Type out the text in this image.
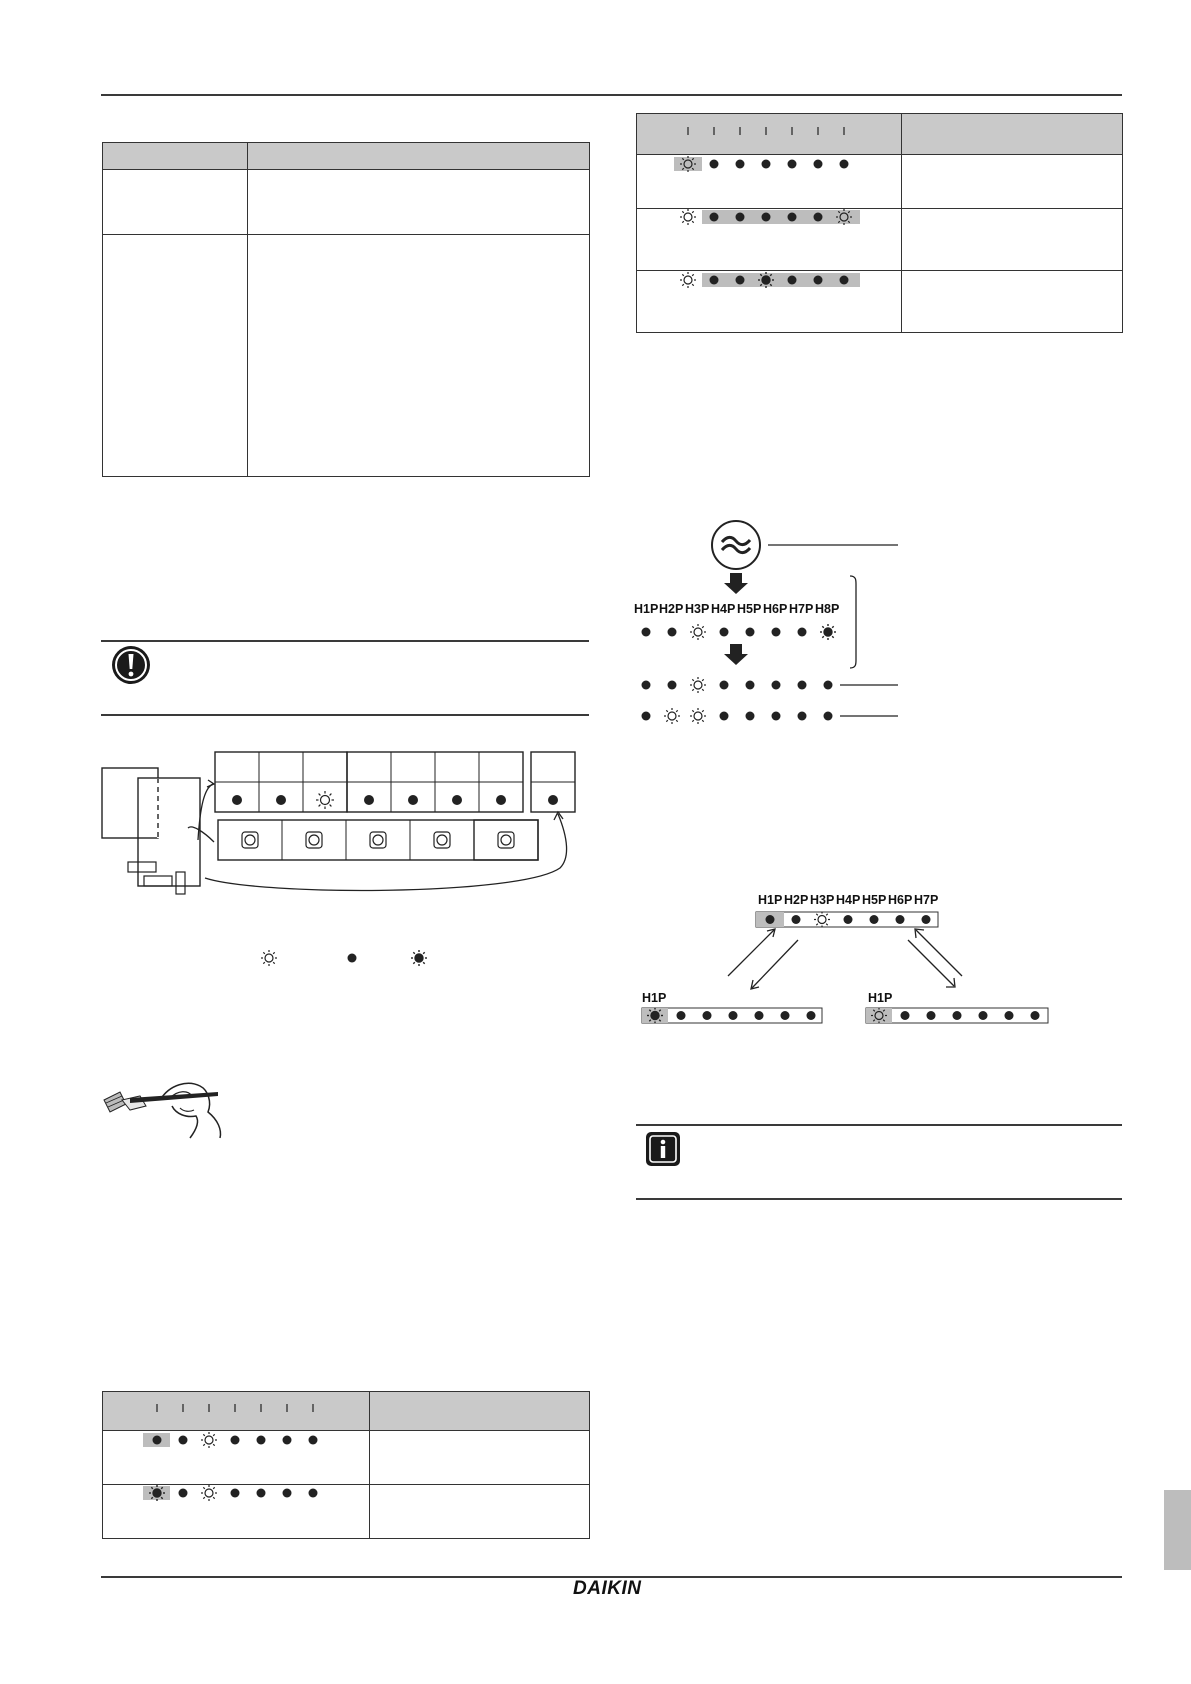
H1P H2P H3P H4P H5P H6P H7P H8P
H1P H2P H3P H4P H5P H6P H7P
H1P	H1P
DAIKIN
